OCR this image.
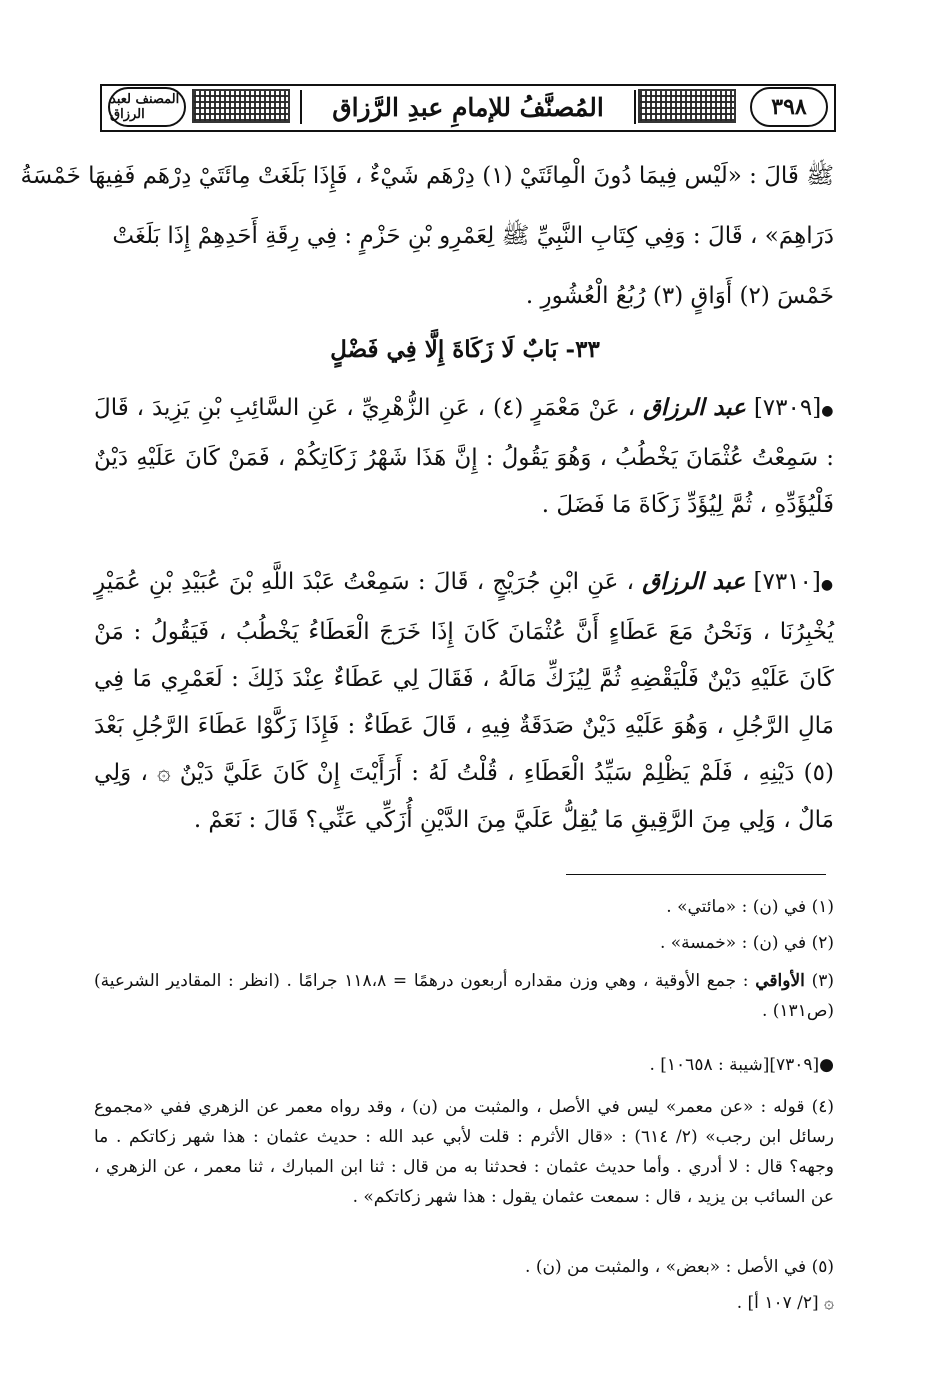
المصنف لعبد الرزاق	٣٩٨
المُصنَّفُ للإمامِ عبدِ الرَّزاق
ﷺ قَالَ : «لَيْس فِيمَا دُونَ الْمِائَتَيْ (١) دِرْهَم شَيْءٌ ، فَإِذَا بَلَغَتْ مِائَتَيْ دِرْهَم فَفِيهَا خَمْسَةُ
دَرَاهِمَ» ، قَالَ : وَفِي كِتَابِ النَّبِيِّ ﷺ لِعَمْرِو بْنِ حَزْمٍ : فِي رِقَةِ أَحَدِهِمْ إِذَا بَلَغَتْ
خَمْسَ (٢) أَوَاقٍ (٣) رُبُعُ الْعُشُورِ .
٣٣- بَابٌ لَا زَكَاةَ إِلَّا فِي فَضْلٍ
●[٧٣٠٩] عبد الرزاق ، عَنْ مَعْمَرٍ (٤) ، عَنِ الزُّهْرِيِّ ، عَنِ السَّائِبِ بْنِ يَزِيدَ ، قَالَ : سَمِعْتُ عُثْمَانَ يَخْطُبُ ، وَهُوَ يَقُولُ : إِنَّ هَذَا شَهْرُ زَكَاتِكُمْ ، فَمَنْ كَانَ عَلَيْهِ دَيْنٌ فَلْيُؤَدِّهِ ، ثُمَّ لِيُؤَدِّ زَكَاةَ مَا فَضَلَ .
●[٧٣١٠] عبد الرزاق ، عَنِ ابْنِ جُرَيْجٍ ، قَالَ : سَمِعْتُ عَبْدَ اللَّهِ بْنَ عُبَيْدِ بْنِ عُمَيْرٍ يُخْبِرُنَا ، وَنَحْنُ مَعَ عَطَاءٍ أَنَّ عُثْمَانَ كَانَ إِذَا خَرَجَ الْعَطَاءُ يَخْطُبُ ، فَيَقُولُ : مَنْ كَانَ عَلَيْهِ دَيْنٌ فَلْيَقْضِهِ ثُمَّ لِيُزَكِّ مَالَهُ ، فَقَالَ لِي عَطَاءٌ عِنْدَ ذَلِكَ : لَعَمْرِي مَا فِي مَالِ الرَّجُلِ ، وَهُوَ عَلَيْهِ دَيْنٌ صَدَقَةٌ فِيهِ ، قَالَ عَطَاءٌ : فَإِذَا زَكَّوْا عَطَاءَ الرَّجُلِ بَعْدَ (٥) دَيْنِهِ ، فَلَمْ يَظْلِمْ سَيِّدُ الْعَطَاءِ ، قُلْتُ لَهُ : أَرَأَيْتَ إِنْ كَانَ عَلَيَّ دَيْنٌ ۞ ، وَلِي مَالٌ ، وَلِي مِنَ الرَّقِيقِ مَا يُقِلُّ عَلَيَّ مِنَ الدَّيْنِ أُزَكِّي عَنِّي؟ قَالَ : نَعَمْ .
(١) في (ن) : «مائتي» .
(٢) في (ن) : «خمسة» .
(٣) الأواقي : جمع الأوقية ، وهي وزن مقداره أربعون درهمًا = ١١٨،٨ جرامًا . (انظر : المقادير الشرعية) (ص١٣١) .
●[٧٣٠٩][شيبة : ١٠٦٥٨] .
(٤) قوله : «عن معمر» ليس في الأصل ، والمثبت من (ن) ، وقد رواه معمر عن الزهري ففي «مجموع رسائل ابن رجب» (٢/ ٦١٤) : «قال الأثرم : قلت لأبي عبد الله : حديث عثمان : هذا شهر زكاتكم . ما وجهه؟ قال : لا أدري . وأما حديث عثمان : فحدثنا به من قال : ثنا ابن المبارك ، ثنا معمر ، عن الزهري ، عن السائب بن يزيد ، قال : سمعت عثمان يقول : هذا شهر زكاتكم» .
(٥) في الأصل : «بعض» ، والمثبت من (ن) .
۞ [٢/ ١٠٧ أ] .
